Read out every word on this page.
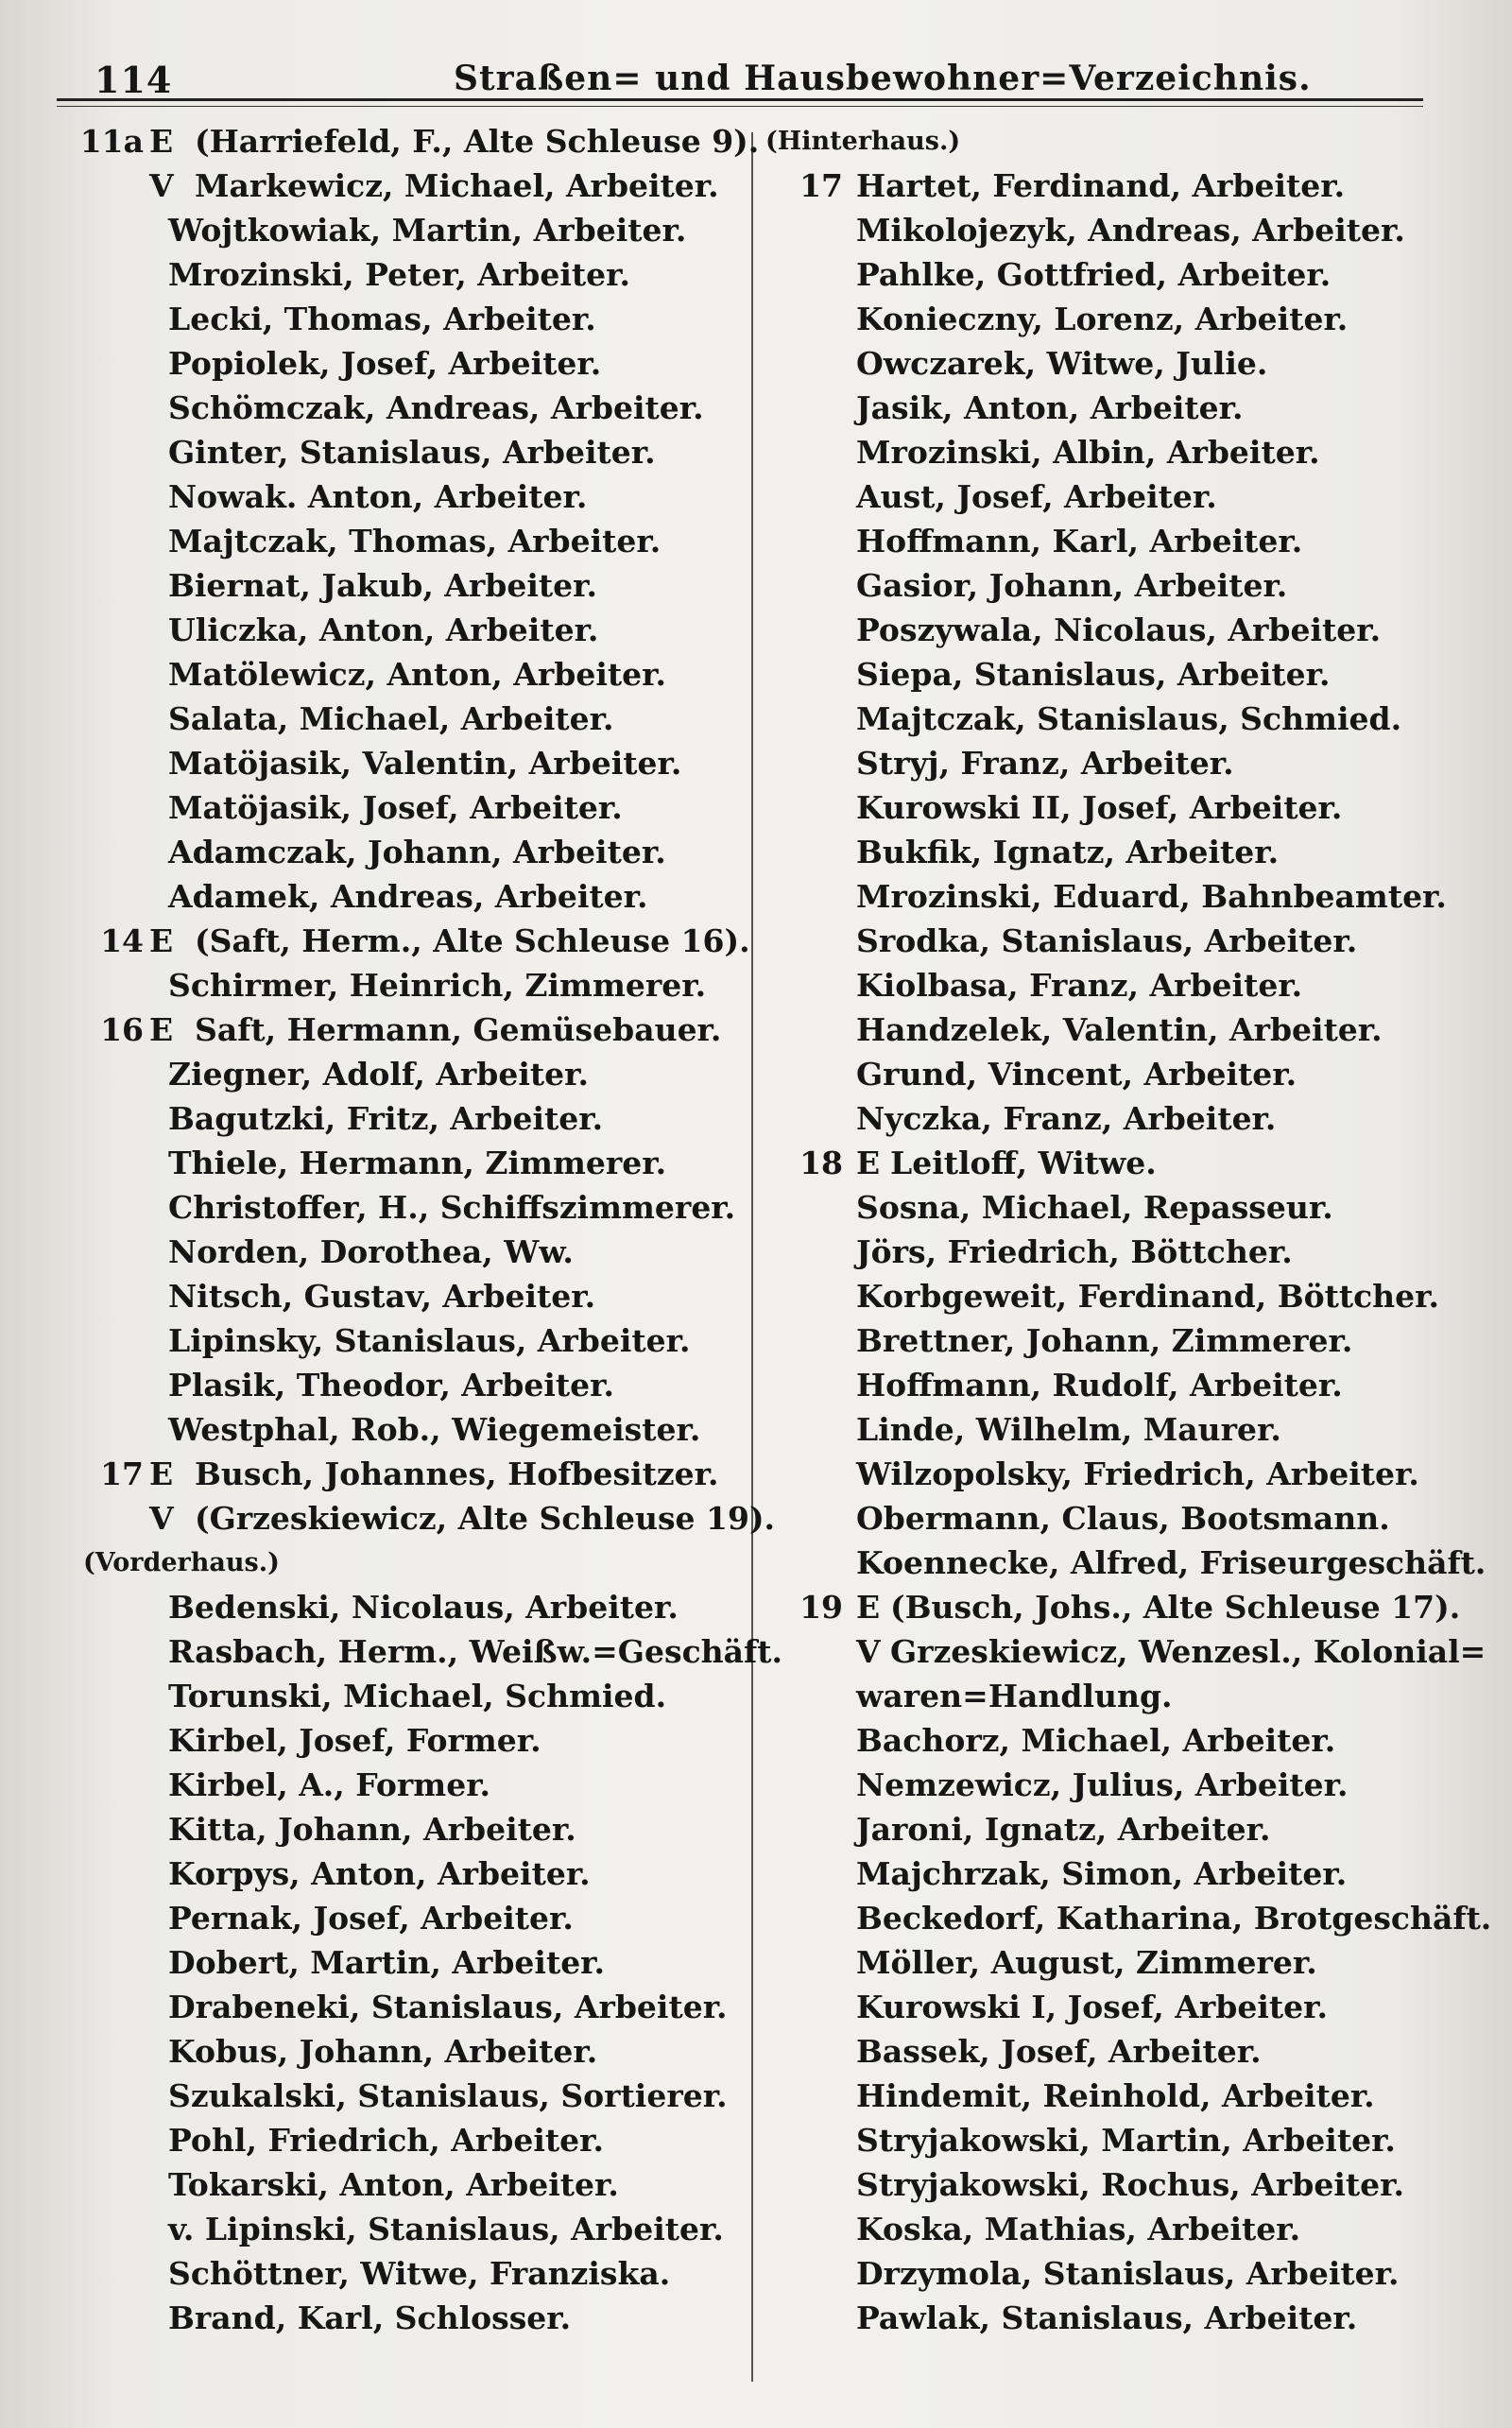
114	Straßen= und Hausbewohner=Verzeichnis.
11a E (Harriefeld, F., Alte Schleuse 9).
V Markewicz, Michael, Arbeiter.
Wojtkowiak, Martin, Arbeiter.
Mrozinski, Peter, Arbeiter.
Lecki, Thomas, Arbeiter.
Popiolek, Josef, Arbeiter.
Schömczak, Andreas, Arbeiter.
Ginter, Stanislaus, Arbeiter.
Nowak. Anton, Arbeiter.
Majtczak, Thomas, Arbeiter.
Biernat, Jakub, Arbeiter.
Uliczka, Anton, Arbeiter.
Matölewicz, Anton, Arbeiter.
Salata, Michael, Arbeiter.
Matöjasik, Valentin, Arbeiter.
Matöjasik, Josef, Arbeiter.
Adamczak, Johann, Arbeiter.
Adamek, Andreas, Arbeiter.
14 E (Saft, Herm., Alte Schleuse 16).
Schirmer, Heinrich, Zimmerer.
16 E Saft, Hermann, Gemüsebauer.
Ziegner, Adolf, Arbeiter.
Bagutzki, Fritz, Arbeiter.
Thiele, Hermann, Zimmerer.
Christoffer, H., Schiffszimmerer.
Norden, Dorothea, Ww.
Nitsch, Gustav, Arbeiter.
Lipinsky, Stanislaus, Arbeiter.
Plasik, Theodor, Arbeiter.
Westphal, Rob., Wiegemeister.
17 E Busch, Johannes, Hofbesitzer.
V (Grzeskiewicz, Alte Schleuse 19).
(Vorderhaus.)
Bedenski, Nicolaus, Arbeiter.
Rasbach, Herm., Weißw.=Geschäft.
Torunski, Michael, Schmied.
Kirbel, Josef, Former.
Kirbel, A., Former.
Kitta, Johann, Arbeiter.
Korpys, Anton, Arbeiter.
Pernak, Josef, Arbeiter.
Dobert, Martin, Arbeiter.
Drabeneki, Stanislaus, Arbeiter.
Kobus, Johann, Arbeiter.
Szukalski, Stanislaus, Sortierer.
Pohl, Friedrich, Arbeiter.
Tokarski, Anton, Arbeiter.
v. Lipinski, Stanislaus, Arbeiter.
Schöttner, Witwe, Franziska.
Brand, Karl, Schlosser.
(Hinterhaus.)
17 Hartet, Ferdinand, Arbeiter.
Mikolojezyk, Andreas, Arbeiter.
Pahlke, Gottfried, Arbeiter.
Konieczny, Lorenz, Arbeiter.
Owczarek, Witwe, Julie.
Jasik, Anton, Arbeiter.
Mrozinski, Albin, Arbeiter.
Aust, Josef, Arbeiter.
Hoffmann, Karl, Arbeiter.
Gasior, Johann, Arbeiter.
Poszywala, Nicolaus, Arbeiter.
Siepa, Stanislaus, Arbeiter.
Majtczak, Stanislaus, Schmied.
Stryj, Franz, Arbeiter.
Kurowski II, Josef, Arbeiter.
Bukfik, Ignatz, Arbeiter.
Mrozinski, Eduard, Bahnbeamter.
Srodka, Stanislaus, Arbeiter.
Kiolbasa, Franz, Arbeiter.
Handzelek, Valentin, Arbeiter.
Grund, Vincent, Arbeiter.
Nyczka, Franz, Arbeiter.
18 E Leitloff, Witwe.
Sosna, Michael, Repasseur.
Jörs, Friedrich, Böttcher.
Korbgeweit, Ferdinand, Böttcher.
Brettner, Johann, Zimmerer.
Hoffmann, Rudolf, Arbeiter.
Linde, Wilhelm, Maurer.
Wilzopolsky, Friedrich, Arbeiter.
Obermann, Claus, Bootsmann.
Koennecke, Alfred, Friseurgeschäft.
19 E (Busch, Johs., Alte Schleuse 17).
V Grzeskiewicz, Wenzesl., Kolonial=
waren=Handlung.
Bachorz, Michael, Arbeiter.
Nemzewicz, Julius, Arbeiter.
Jaroni, Ignatz, Arbeiter.
Majchrzak, Simon, Arbeiter.
Beckedorf, Katharina, Brotgeschäft.
Möller, August, Zimmerer.
Kurowski I, Josef, Arbeiter.
Bassek, Josef, Arbeiter.
Hindemit, Reinhold, Arbeiter.
Stryjakowski, Martin, Arbeiter.
Stryjakowski, Rochus, Arbeiter.
Koska, Mathias, Arbeiter.
Drzymola, Stanislaus, Arbeiter.
Pawlak, Stanislaus, Arbeiter.
